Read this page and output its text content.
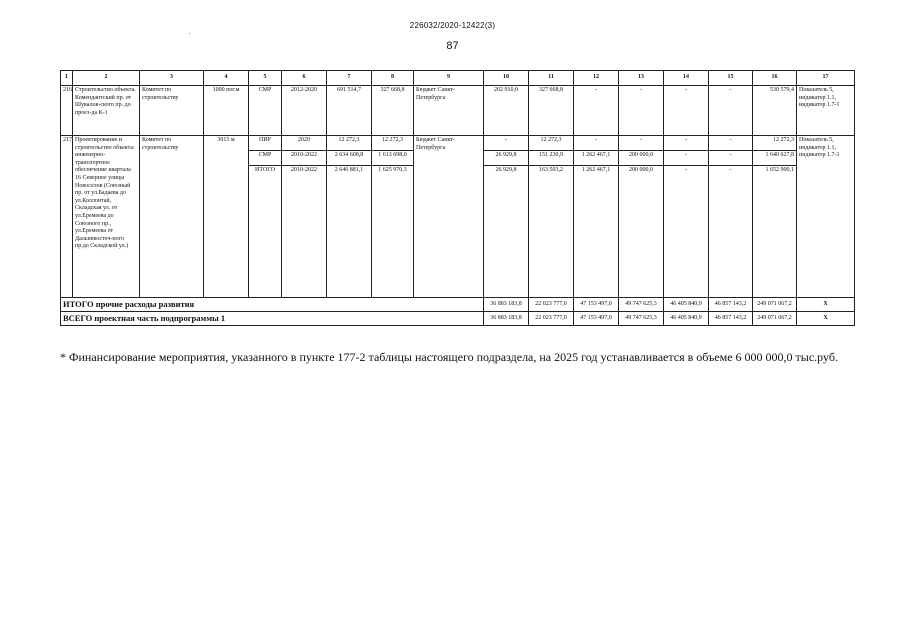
226032/2020-12422(3)
87
1	2	3	4	5	6	7	8	9	10	11	12	13	14	15	16	17
216	Строительство объекта. Комендантский пр. от Шувалов-ского пр. до проез-да К-1	Комитет по строительству	1000 пог.м	СМР	2012-2020	691 514,7	327 668,8	Бюджет Санкт-Петербурга	202 910,0	327 668,8	-	-	-	-	530 579,4	Показатель 5, индикатор 1.1, индикатор 1.7-1
217	Проектирование и строительство объекта: инженерно-транспортное обеспечение квартала 16 Северное улицы Новоселов (Союзный пр. от ул.Бадаева до ул.Коллонтай, Складская ул. от ул.Еремеева до Союзного пр., ул.Еремеева от Дальневосточ-ного пр.до Складской ул.)	Комитет по строительству	3015 м	ПИР	2020	12 272,3	12 272,3	Бюджет Санкт-Петербурга	-	12 272,3	-	-	-	-	12 272,3	Показатель 5, индикатор 1.1, индикатор 1.7-1
				СМР	2010-2022	2 634 608,8	1 613 698,0		26 929,8	151 230,9	1 262 467,1	200 000,0	-	-	1 640 627,8	
				ИТОГО	2010-2022	2 646 881,1	1 625 970,3		26 929,8	163 503,2	1 262 467,1	200 000,0	-	-	1 652 900,1	
ИТОГО прочие расходы развития									36 883 183,8	22 023 777,0	47 153 497,0	49 747 625,3	46 405 840,9	46 857 143,2	249 071 067,2	X
ВСЕГО проектная часть подпрограммы 1									36 883 183,8	22 023 777,0	47 153 497,0	49 747 625,3	46 405 840,9	46 857 143,2	249 071 067,2	X
* Финансирование мероприятия, указанного в пункте 177-2 таблицы настоящего подраздела, на 2025 год устанавливается в объеме 6 000 000,0 тыс.руб.
